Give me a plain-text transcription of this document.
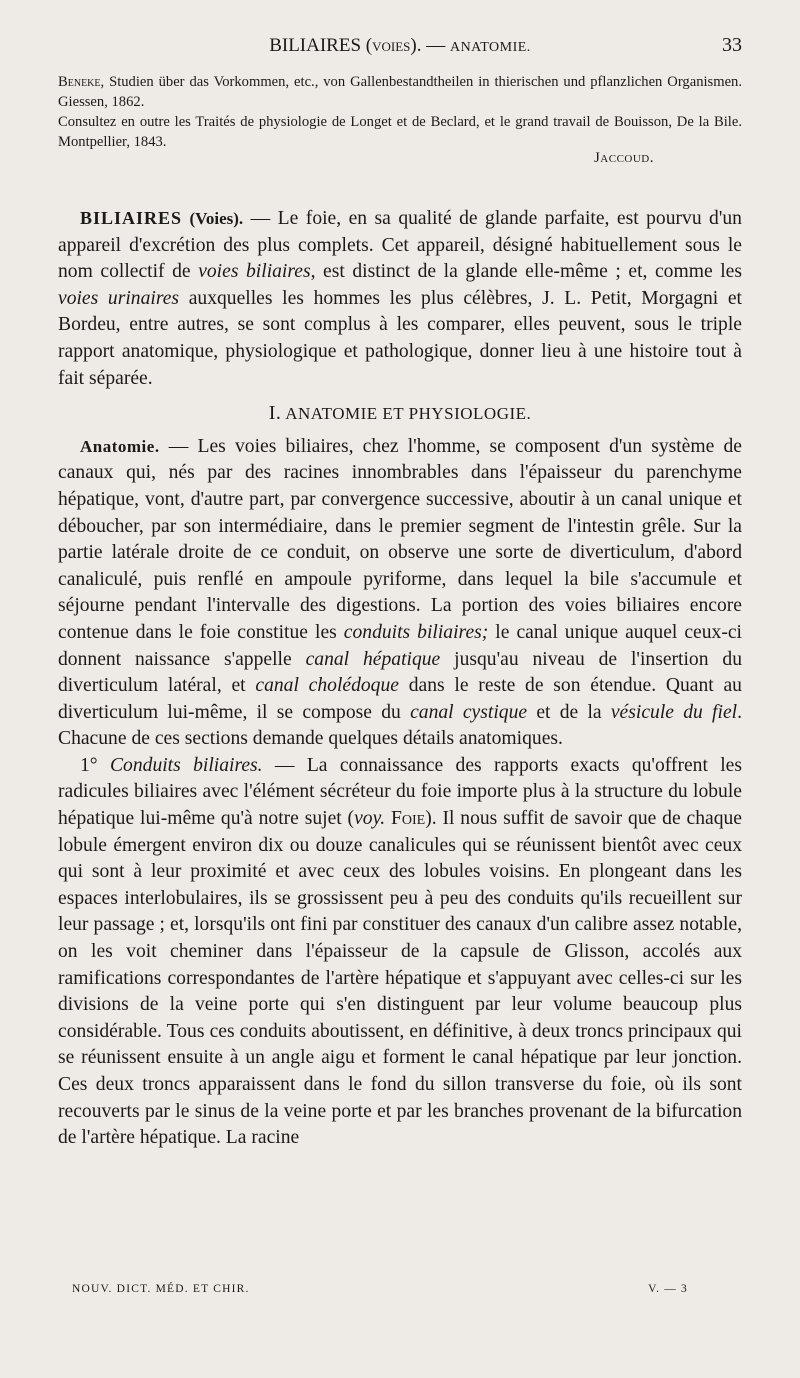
BILIAIRES (voies). — ANATOMIE.	33

Beneke, Studien über das Vorkommen, etc., von Gallenbestandtheilen in thierischen und pflanzlichen Organismen. Giessen, 1862.

Consultez en outre les Traités de physiologie de Longet et de Beclard, et le grand travail de Bouisson, De la Bile. Montpellier, 1843.

Jaccoud.

BILIAIRES (Voies). — Le foie, en sa qualité de glande parfaite, est pourvu d'un appareil d'excrétion des plus complets. Cet appareil, désigné habituellement sous le nom collectif de voies biliaires, est distinct de la glande elle-même ; et, comme les voies urinaires auxquelles les hommes les plus célèbres, J. L. Petit, Morgagni et Bordeu, entre autres, se sont complus à les comparer, elles peuvent, sous le triple rapport anatomique, physiologique et pathologique, donner lieu à une histoire tout à fait séparée.

I. ANATOMIE ET PHYSIOLOGIE.

Anatomie. — Les voies biliaires, chez l'homme, se composent d'un système de canaux qui, nés par des racines innombrables dans l'épaisseur du parenchyme hépatique, vont, d'autre part, par convergence successive, aboutir à un canal unique et déboucher, par son intermédiaire, dans le premier segment de l'intestin grêle. Sur la partie latérale droite de ce conduit, on observe une sorte de diverticulum, d'abord canaliculé, puis renflé en ampoule pyriforme, dans lequel la bile s'accumule et séjourne pendant l'intervalle des digestions. La portion des voies biliaires encore contenue dans le foie constitue les conduits biliaires; le canal unique auquel ceux-ci donnent naissance s'appelle canal hépatique jusqu'au niveau de l'insertion du diverticulum latéral, et canal cholédoque dans le reste de son étendue. Quant au diverticulum lui-même, il se compose du canal cystique et de la vésicule du fiel. Chacune de ces sections demande quelques détails anatomiques.

1° Conduits biliaires. — La connaissance des rapports exacts qu'offrent les radicules biliaires avec l'élément sécréteur du foie importe plus à la structure du lobule hépatique lui-même qu'à notre sujet (voy. Foie). Il nous suffit de savoir que de chaque lobule émergent environ dix ou douze canalicules qui se réunissent bientôt avec ceux qui sont à leur proximité et avec ceux des lobules voisins. En plongeant dans les espaces interlobulaires, ils se grossissent peu à peu des conduits qu'ils recueillent sur leur passage ; et, lorsqu'ils ont fini par constituer des canaux d'un calibre assez notable, on les voit cheminer dans l'épaisseur de la capsule de Glisson, accolés aux ramifications correspondantes de l'artère hépatique et s'appuyant avec celles-ci sur les divisions de la veine porte qui s'en distinguent par leur volume beaucoup plus considérable. Tous ces conduits aboutissent, en définitive, à deux troncs principaux qui se réunissent ensuite à un angle aigu et forment le canal hépatique par leur jonction. Ces deux troncs apparaissent dans le fond du sillon transverse du foie, où ils sont recouverts par le sinus de la veine porte et par les branches provenant de la bifurcation de l'artère hépatique. La racine

NOUV. DICT. MÉD. ET CHIR.	V. — 3
